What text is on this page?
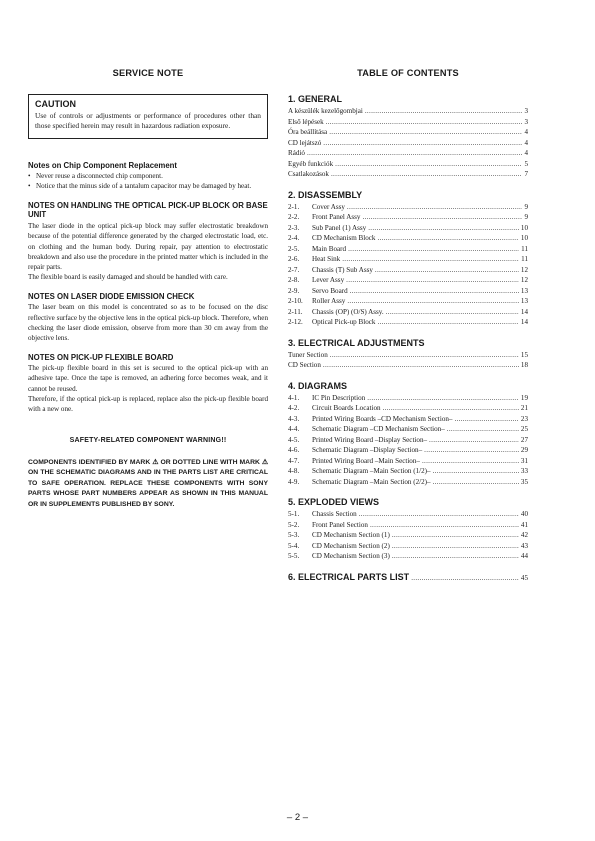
SERVICE NOTE
CAUTION
Use of controls or adjustments or performance of procedures other than those specified herein may result in hazardous radiation exposure.
Notes on Chip Component Replacement
• Never reuse a disconnected chip component.
• Notice that the minus side of a tantalum capacitor may be damaged by heat.
NOTES ON HANDLING THE OPTICAL PICK-UP BLOCK OR BASE UNIT
The laser diode in the optical pick-up block may suffer electrostatic breakdown because of the potential difference generated by the charged electrostatic load, etc. on clothing and the human body. During repair, pay attention to electrostatic breakdown and also use the procedure in the printed matter which is included in the repair parts.
The flexible board is easily damaged and should be handled with care.
NOTES ON LASER DIODE EMISSION CHECK
The laser beam on this model is concentrated so as to be focused on the disc reflective surface by the objective lens in the optical pick-up block. Therefore, when checking the laser diode emission, observe from more than 30 cm away from the objective lens.
NOTES ON PICK-UP FLEXIBLE BOARD
The pick-up flexible board in this set is secured to the optical pick-up with an adhesive tape. Once the tape is removed, an adhering force becomes weak, and it cannot be reused.
Therefore, if the optical pick-up is replaced, replace also the pick-up flexible board with a new one.
SAFETY-RELATED COMPONENT WARNING!!
COMPONENTS IDENTIFIED BY MARK ⚠ OR DOTTED LINE WITH MARK ⚠ ON THE SCHEMATIC DIAGRAMS AND IN THE PARTS LIST ARE CRITICAL TO SAFE OPERATION. REPLACE THESE COMPONENTS WITH SONY PARTS WHOSE PART NUMBERS APPEAR AS SHOWN IN THIS MANUAL OR IN SUPPLEMENTS PUBLISHED BY SONY.
TABLE OF CONTENTS
1. GENERAL
A készülék kezelőgombjai .....	3
Első lépések .....	3
Óra beállítása .....	4
CD lejátszó .....	4
Rádió .....	4
Egyéb funkciók .....	5
Csatlakozások .....	7
2. DISASSEMBLY
2-1.	Cover Assy .....	9
2-2.	Front Panel Assy .....	9
2-3.	Sub Panel (1) Assy .....	10
2-4.	CD Mechanism Block .....	10
2-5.	Main Board .....	11
2-6.	Heat Sink .....	11
2-7.	Chassis (T) Sub Assy .....	12
2-8.	Lever Assy .....	12
2-9.	Servo Board .....	13
2-10.	Roller Assy .....	13
2-11.	Chassis (OP) (O/S) Assy. .....	14
2-12.	Optical Pick-up Block .....	14
3. ELECTRICAL ADJUSTMENTS
Tuner Section .....	15
CD Section .....	18
4. DIAGRAMS
4-1.	IC Pin Description .....	19
4-2.	Circuit Boards Location .....	21
4-3.	Printed Wiring Boards –CD Mechanism Section– .....	23
4-4.	Schematic Diagram –CD Mechanism Section– .....	25
4-5.	Printed Wiring Board –Display Section– .....	27
4-6.	Schematic Diagram –Display Section– .....	29
4-7.	Printed Wiring Board –Main Section– .....	31
4-8.	Schematic Diagram –Main Section (1/2)– .....	33
4-9.	Schematic Diagram –Main Section (2/2)– .....	35
5. EXPLODED VIEWS
5-1.	Chassis Section .....	40
5-2.	Front Panel Section .....	41
5-3.	CD Mechanism Section (1) .....	42
5-4.	CD Mechanism Section (2) .....	43
5-5.	CD Mechanism Section (3) .....	44
6. ELECTRICAL PARTS LIST .....	45
– 2 –
